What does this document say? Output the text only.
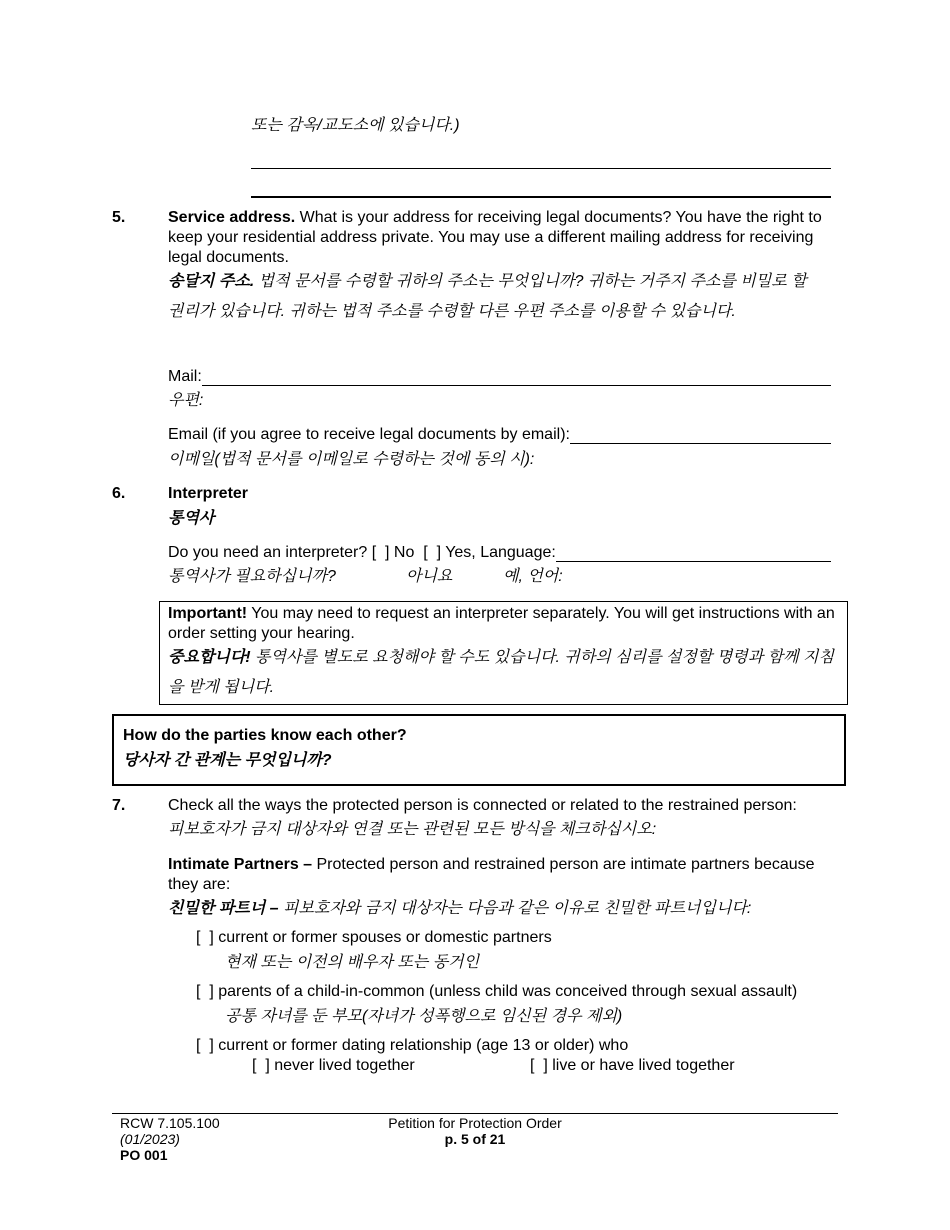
또는 감옥/교도소에 있습니다.)
5.	Service address. What is your address for receiving legal documents? You have the right to keep your residential address private. You may use a different mailing address for receiving legal documents.
송달지 주소. 법적 문서를 수령할 귀하의 주소는 무엇입니까? 귀하는 거주지 주소를 비밀로 할 권리가 있습니다. 귀하는 법적 주소를 수령할 다른 우편 주소를 이용할 수 있습니다.
Mail:
우편:
Email (if you agree to receive legal documents by email):
이메일(법적 문서를 이메일로 수령하는 것에 동의 시):
6.	Interpreter
통역사
Do you need an interpreter? [  ] No  [  ] Yes, Language:
통역사가 필요하십니까?	아니요	예, 언어:
Important! You may need to request an interpreter separately. You will get instructions with an order setting your hearing.
중요합니다! 통역사를 별도로 요청해야 할 수도 있습니다. 귀하의 심리를 설정할 명령과 함께 지침을 받게 됩니다.
How do the parties know each other?
당사자 간 관계는 무엇입니까?
7.	Check all the ways the protected person is connected or related to the restrained person:
피보호자가 금지 대상자와 연결 또는 관련된 모든 방식을 체크하십시오:
Intimate Partners – Protected person and restrained person are intimate partners because they are:
친밀한 파트너 – 피보호자와 금지 대상자는 다음과 같은 이유로 친밀한 파트너입니다:
[  ] current or former spouses or domestic partners
현재 또는 이전의 배우자 또는 동거인
[  ] parents of a child-in-common (unless child was conceived through sexual assault)
공통 자녀를 둔 부모(자녀가 성폭행으로 임신된 경우 제외)
[  ] current or former dating relationship (age 13 or older) who
[  ] never lived together	[  ] live or have lived together
RCW 7.105.100
(01/2023)
PO 001
Petition for Protection Order
p. 5 of 21
